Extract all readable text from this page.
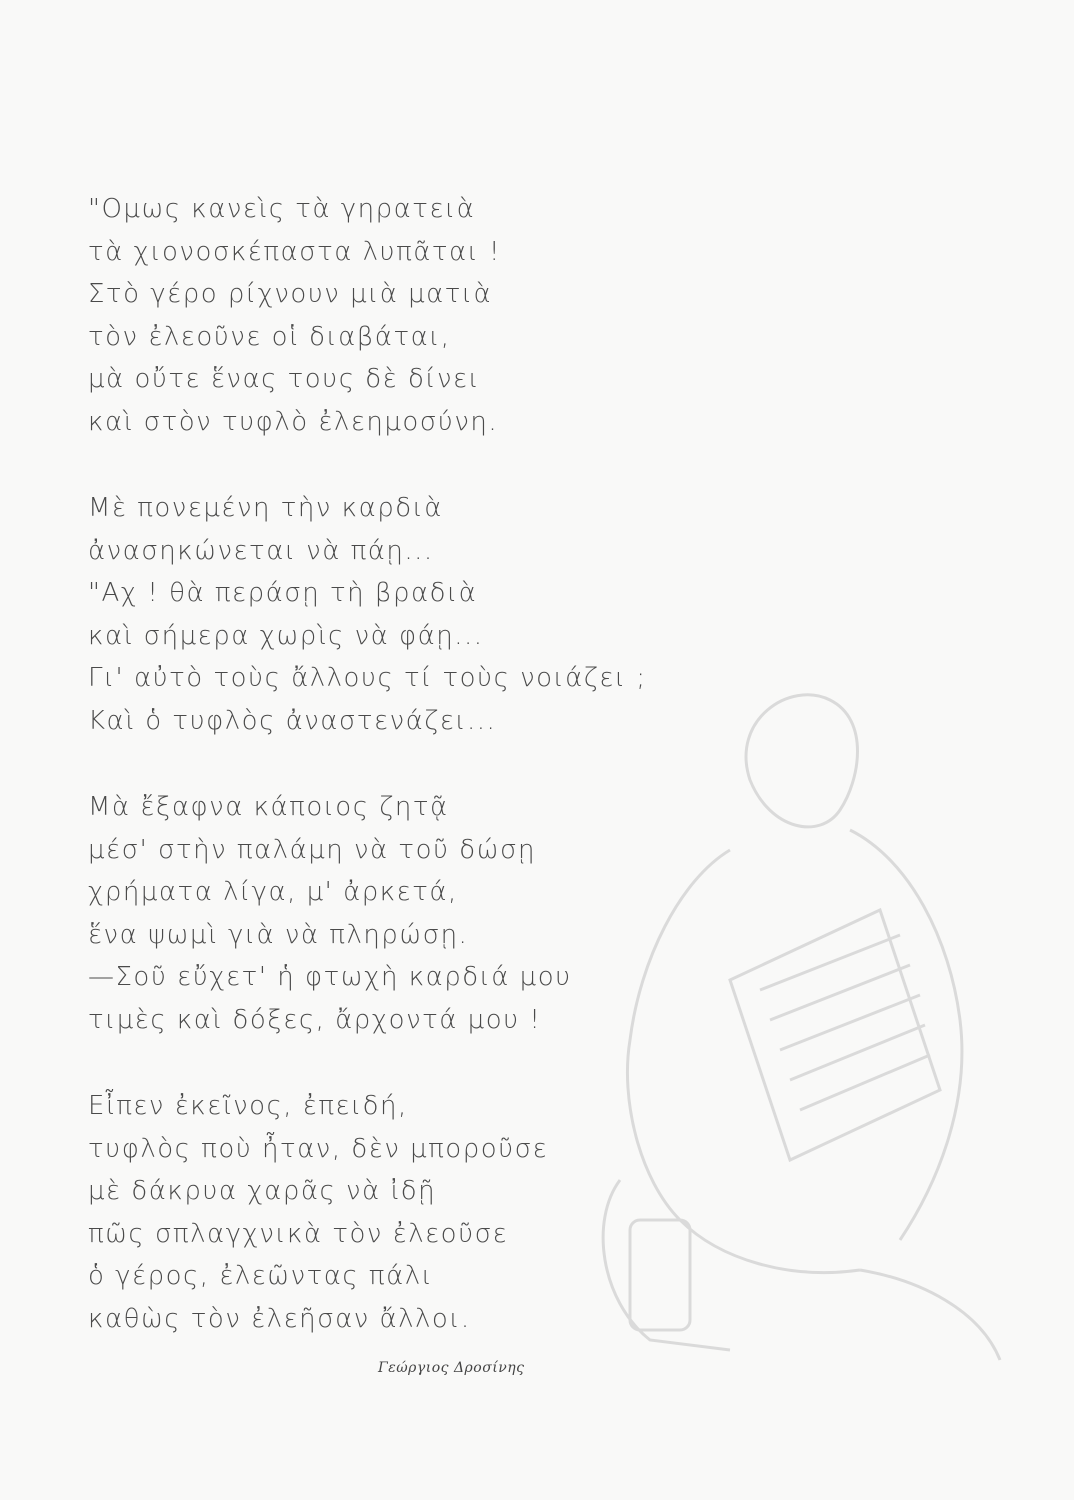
"Ομως κανεὶς τὰ γηρατειὰ
τὰ χιονοσκέπαστα λυπᾶται !
Στὸ γέρο ρίχνουν μιὰ ματιὰ
τὸν ἐλεοῦνε οἱ διαβάται,
μὰ οὔτε ἕνας τους δὲ δίνει
καὶ στὸν τυφλὸ ἐλεημοσύνη.
Μὲ πονεμένη τὴν καρδιὰ
ἀνασηκώνεται νὰ πάῃ...
"Αχ ! θὰ περάσῃ τὴ βραδιὰ
καὶ σήμερα χωρὶς νὰ φάῃ...
Γι' αὐτὸ τοὺς ἄλλους τί τοὺς νοιάζει ;
Καὶ ὁ τυφλὸς ἀναστενάζει...
Μὰ ἔξαφνα κάποιος ζητᾷ
μέσ' στὴν παλάμη νὰ τοῦ δώσῃ
χρήματα λίγα, μ' ἀρκετά,
ἕνα ψωμὶ γιὰ νὰ πληρώσῃ.
—Σοῦ εὔχετ' ἡ φτωχὴ καρδιά μου
τιμὲς καὶ δόξες, ἄρχοντά μου !
Εἶπεν ἐκεῖνος, ἐπειδή,
τυφλὸς ποὺ ἦταν, δὲν μποροῦσε
μὲ δάκρυα χαρᾶς νὰ ἰδῇ
πῶς σπλαγχνικὰ τὸν ἐλεοῦσε
ὁ γέρος, ἐλεῶντας πάλι
καθὼς τὸν ἐλεῆσαν ἄλλοι.
Γεώργιος Δροσίνης
